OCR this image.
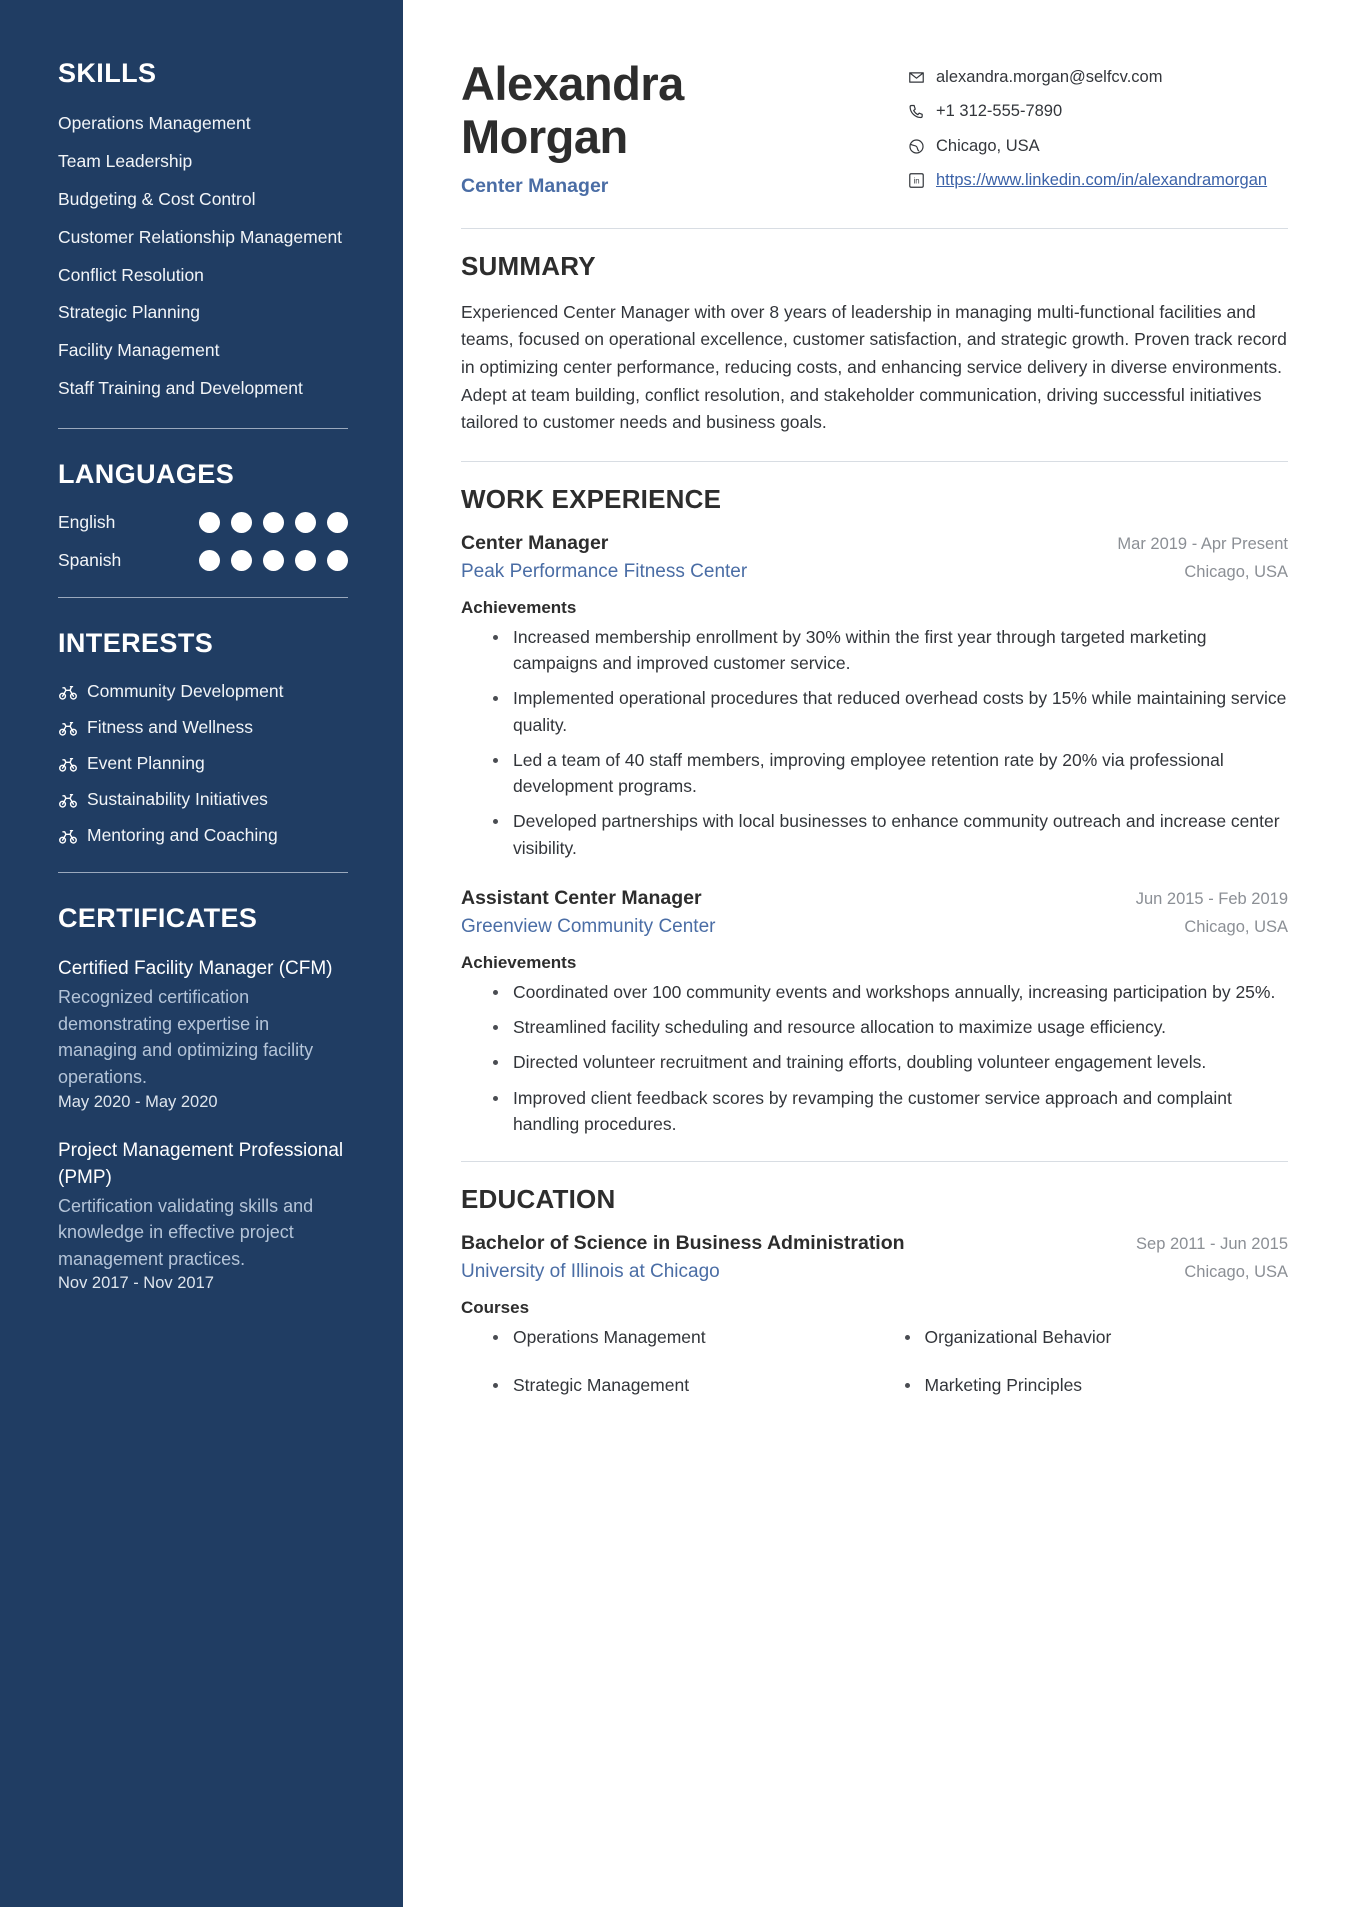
SKILLS
Operations Management
Team Leadership
Budgeting & Cost Control
Customer Relationship Management
Conflict Resolution
Strategic Planning
Facility Management
Staff Training and Development
LANGUAGES
English
Spanish
INTERESTS
Community Development
Fitness and Wellness
Event Planning
Sustainability Initiatives
Mentoring and Coaching
CERTIFICATES
Certified Facility Manager (CFM)
Recognized certification demonstrating expertise in managing and optimizing facility operations.
May 2020 - May 2020
Project Management Professional (PMP)
Certification validating skills and knowledge in effective project management practices.
Nov 2017 - Nov 2017
Alexandra Morgan
Center Manager
alexandra.morgan@selfcv.com
+1 312-555-7890
Chicago, USA
in https://www.linkedin.com/in/alexandramorgan
SUMMARY

Experienced Center Manager with over 8 years of leadership in managing multi-functional facilities and teams, focused on operational excellence, customer satisfaction, and strategic growth. Proven track record in optimizing center performance, reducing costs, and enhancing service delivery in diverse environments. Adept at team building, conflict resolution, and stakeholder communication, driving successful initiatives tailored to customer needs and business goals.

WORK EXPERIENCE
Center Manager	Mar 2019 - Apr Present
Peak Performance Fitness Center	Chicago, USA
Achievements
Increased membership enrollment by 30% within the first year through targeted marketing campaigns and improved customer service.
Implemented operational procedures that reduced overhead costs by 15% while maintaining service quality.
Led a team of 40 staff members, improving employee retention rate by 20% via professional development programs.
Developed partnerships with local businesses to enhance community outreach and increase center visibility.
Assistant Center Manager	Jun 2015 - Feb 2019
Greenview Community Center	Chicago, USA
Achievements
Coordinated over 100 community events and workshops annually, increasing participation by 25%.
Streamlined facility scheduling and resource allocation to maximize usage efficiency.
Directed volunteer recruitment and training efforts, doubling volunteer engagement levels.
Improved client feedback scores by revamping the customer service approach and complaint handling procedures.
EDUCATION
Bachelor of Science in Business Administration	Sep 2011 - Jun 2015
University of Illinois at Chicago	Chicago, USA
Courses
Operations Management	Organizational Behavior
Strategic Management	Marketing Principles
